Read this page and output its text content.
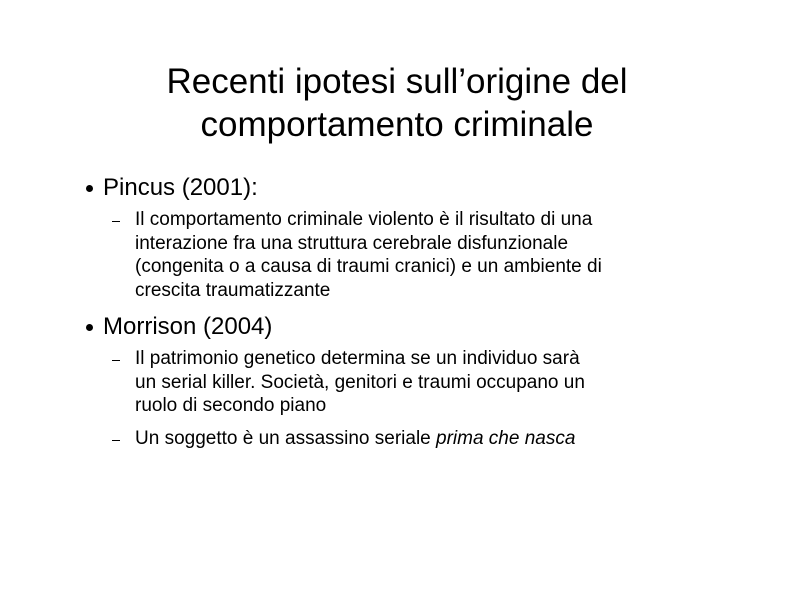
Recenti ipotesi sull’origine del
comportamento criminale
Pincus (2001):
Il comportamento criminale violento è il risultato di una
interazione fra una struttura cerebrale disfunzionale
(congenita o a causa di traumi cranici) e un ambiente di
crescita traumatizzante
Morrison (2004)
Il patrimonio genetico determina se un individuo sarà
un serial killer. Società, genitori e traumi occupano un
ruolo di secondo piano
Un soggetto è un assassino seriale prima che nasca
